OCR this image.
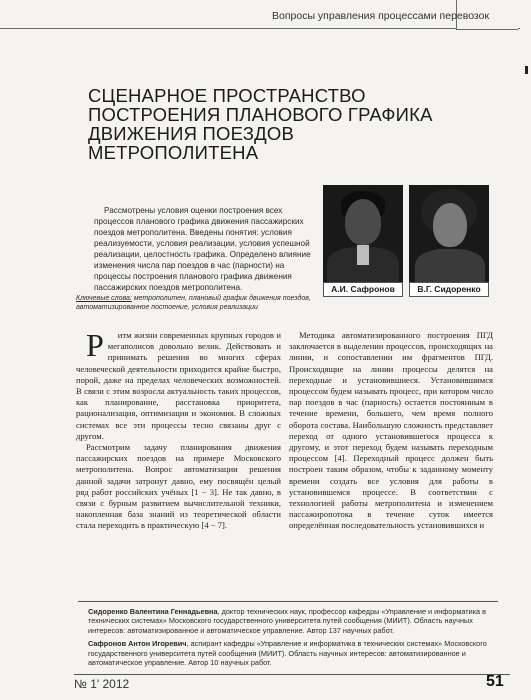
Вопросы управления процессами перевозок
СЦЕНАРНОЕ ПРОСТРАНСТВО ПОСТРОЕНИЯ ПЛАНОВОГО ГРАФИКА ДВИЖЕНИЯ ПОЕЗДОВ МЕТРОПОЛИТЕНА

Рассмотрены условия оценки построения всех процессов планового графика движения пассажирских поездов метрополитена. Введены понятия: условия реализуемости, условия реализации, условия успешной реализации, целостность графика. Определено влияние изменения числа пар поездов в час (парности) на процессы построения планового графика движения пассажирских поездов метрополитена.	А.И. Сафронов	В.Г. Сидоренко
Ключевые слова: метрополитен, плановый график движения поездов, автоматизированное постоение, условия реализации

Р итм жизни современных крупных городов и мегаполисов довольно велик. Действовать и принимать решения во многих сферах человеческой деятельности приходится крайне быстро, порой, даже на пределах человеческих возможностей. В связи с этим возросла актуальность таких процессов, как планирование, расстановка приоритета, рационализация, оптимизация и экономия. В сложных системах все эти процессы тесно связаны друг с другом.

Рассмотрим задачу планирования движения пассажирских поездов на примере Московского метрополитена. Вопрос автоматизации решения данной задачи затронут давно, ему посвящён целый ряд работ российских учёных [1 − 3]. Не так давно, в связи с бурным развитием вычислительной техники, накопленная база знаний из теоретической области стала переходить в практическую [4 − 7].

Методика автоматизированного построения ПГД заключается в выделении процессов, происходящих на линии, и сопоставлении им фрагментов ПГД. Происходящие на линии процессы делятся на переходные и установившиеся. Установившимся процессом будем называть процесс, при котором число пар поездов в час (парность) остается постоянным в течение времени, большего, чем время полного оборота состава. Наибольшую сложность представляет переход от одного установившегося процесса к другому, и этот переход будем называть переходным процессом [4]. Переходный процесс должен быть построен таким образом, чтобы к заданному моменту времени создать все условия для работы в установившемся процессе. В соответствии с технологией работы метрополитена и изменением пассажиропотока в течение суток имеется определённая последовательность установившихся и

Сидоренко Валентина Геннадьевна, доктор технических наук, профессор кафедры «Управление и информатика в технических системах» Московского государственного университета путей сообщения (МИИТ). Область научных интересов: автоматизированное и автоматическое управление. Автор 137 научных работ.

Сафронов Антон Игоревич, аспирант кафедры «Управление и информатика в технических системах» Московского государственного университета путей сообщения (МИИТ). Область научных интересов: автоматизированное и автоматическое управление. Автор 10 научных работ.

№ 1' 2012	51
